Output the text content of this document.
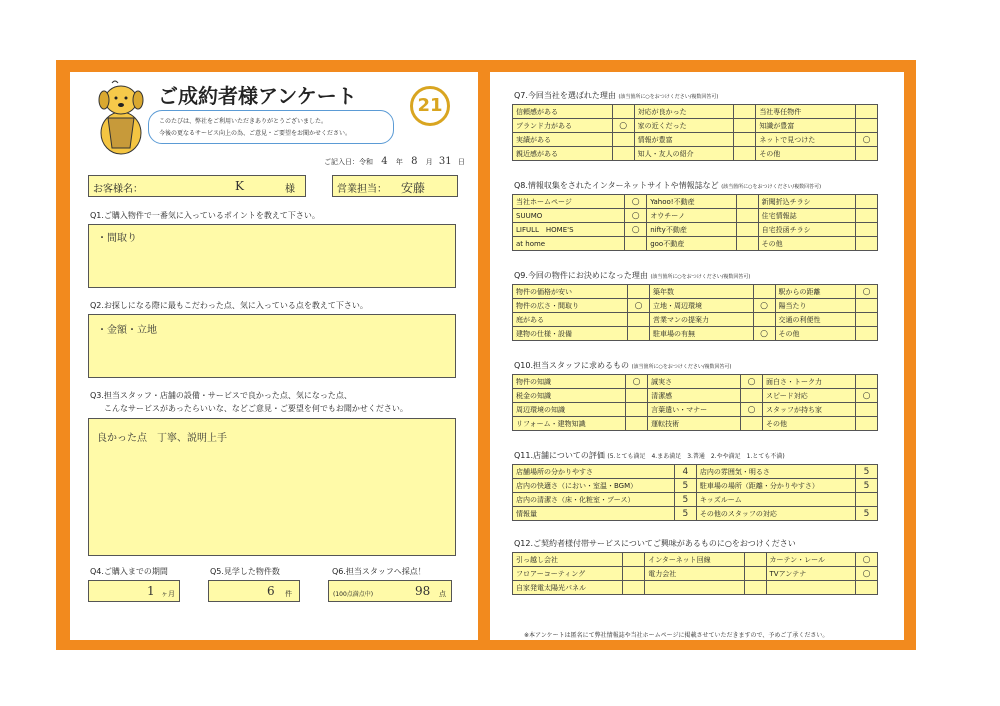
ご成約者様アンケート
このたびは、弊社をご利用いただきありがとうございました。
今後の更なるサービス向上の為、ご意見・ご要望をお聞かせください。
21
ご記入日：令和 4 年 8 月 31 日
お客様名：	K	様	営業担当： 安藤
Q1.ご購入物件で一番気に入っているポイントを教えて下さい。
・間取り
Q2.お探しになる際に最もこだわった点、気に入っている点を教えて下さい。
・金額・立地
Q3.担当スタッフ・店舗の設備・サービスで良かった点、気になった点、
こんなサービスがあったらいいな、などご意見・ご要望を何でもお聞かせください。
良かった点　丁寧、説明上手
Q4.ご購入までの期間	Q5.見学した物件数	Q6.担当スタッフへ採点！
1 ヶ月	6 件	(100点満点中)	98 点
Q7.今回当社を選ばれた理由 (該当箇所に○をおつけください/複数回答可)
信頼感がある		対応が良かった		当社専任物件	
ブランド力がある	○	家の近くだった		知識が豊富	
実績がある		情報が豊富		ネットで見つけた	○
親近感がある		知人・友人の紹介		その他	
Q8.情報収集をされたインターネットサイトや情報誌など (該当箇所に○をおつけください/複数回答可)
当社ホームページ	○	Yahoo!不動産		新聞折込チラシ	
SUUMO	○	オウチーノ		住宅情報誌	
LIFULL　HOME'S	○	nifty不動産		自宅投函チラシ	
at home		goo不動産		その他	
Q9.今回の物件にお決めになった理由 (該当箇所に○をおつけください/複数回答可)
物件の価格が安い		築年数		駅からの距離	○
物件の広さ・間取り	○	立地・周辺環境	○	陽当たり	
庭がある		営業マンの提案力		交通の利便性	
建物の仕様・設備		駐車場の有無	○	その他	
Q10.担当スタッフに求めるもの (該当箇所に○をおつけください/複数回答可)
物件の知識	○	誠実さ	○	面白さ・トーク力	
税金の知識		清潔感		スピード対応	○
周辺環境の知識		言葉遣い・マナー	○	スタッフが持ち家	
リフォーム・建物知識		運転技術		その他	
Q11.店舗についての評価 (5.とても満足　4.まあ満足　3.普通　2.やや満足　1.とても不満)
店舗場所の分かりやすさ	4	店内の雰囲気・明るさ	5
店内の快適さ（におい・室温・BGM）	5	駐車場の場所（距離・分かりやすさ）	5
店内の清潔さ（床・化粧室・ブース）	5	キッズルーム	
情報量	5	その他のスタッフの対応	5
Q12.ご契約者様付帯サービスについてご興味があるものに○をおつけください
引っ越し会社		インターネット回線		カーテン・レール	○
フロアーコーティング		電力会社		TVアンテナ	○
自家発電太陽光パネル					
※本アンケートは匿名にて弊社情報誌や当社ホームページに掲載させていただきますので、予めご了承ください。
